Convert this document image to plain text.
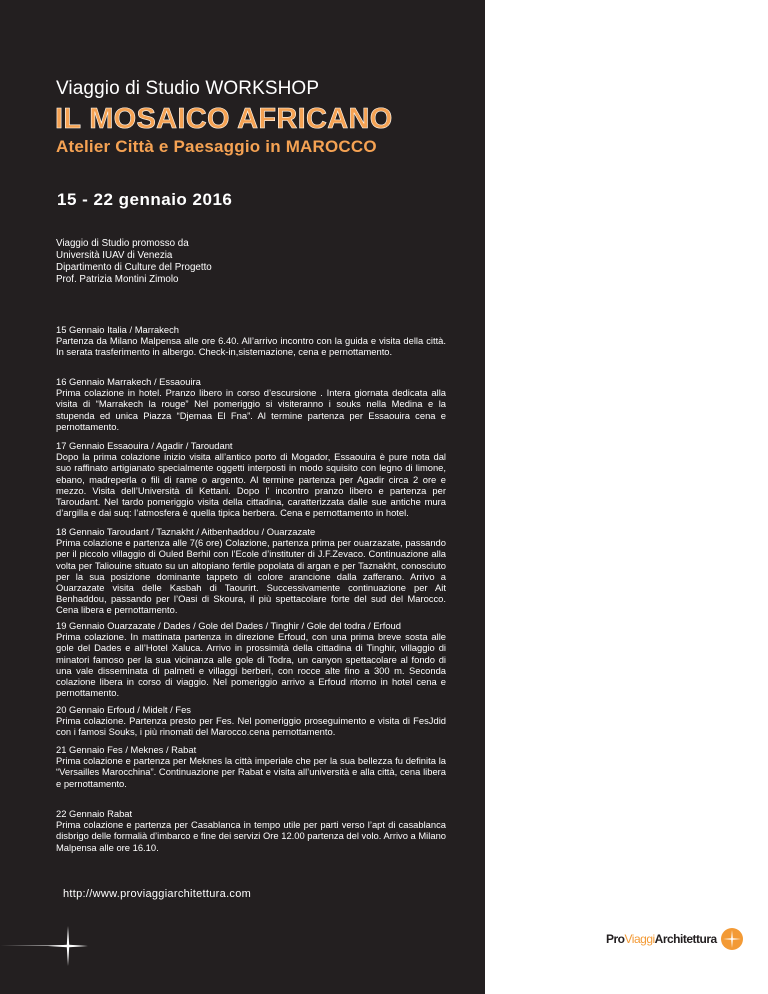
Viaggio di Studio WORKSHOP
IL MOSAICO AFRICANO
Atelier Città e Paesaggio in MAROCCO
15 - 22 gennaio 2016
Viaggio di Studio promosso da
Università IUAV di Venezia
Dipartimento di Culture del Progetto
Prof. Patrizia Montini Zimolo
15 Gennaio Italia / Marrakech
Partenza da Milano Malpensa alle ore 6.40. All’arrivo incontro con la guida e visita della città. In serata trasferimento in albergo. Check-in,sistemazione, cena e pernottamento.
16 Gennaio Marrakech / Essaouira
Prima colazione in hotel. Pranzo libero in corso d’escursione . Intera giornata dedicata alla visita di “Marrakech la rouge” Nel pomeriggio si visiteranno i souks nella Medina e la stupenda ed unica Piazza “Djemaa El Fna”. Al termine partenza per Essaouira cena e pernottamento.
17 Gennaio Essaouira / Agadir / Taroudant
Dopo la prima colazione inizio visita all’antico porto di Mogador, Essaouira è pure nota dal suo raffinato artigianato specialmente oggetti interposti in modo squisito con legno di limone, ebano, madreperla o fili di rame o argento. Al termine partenza per Agadir circa 2 ore e mezzo. Visita dell’Università di Kettani. Dopo l’ incontro pranzo libero e partenza per Taroudant. Nel tardo pomeriggio visita della cittadina, caratterizzata dalle sue antiche mura d’argilla e dai suq: l’atmosfera è quella tipica berbera. Cena e pernottamento in hotel.
18 Gennaio Taroudant / Taznakht / Aitbenhaddou / Ouarzazate
Prima colazione e partenza alle 7(6 ore) Colazione, partenza prima per ouarzazate, passando per il piccolo villaggio di Ouled Berhil con l’Ecole d’instituter di J.F.Zevaco. Continuazione alla volta per Taliouine situato su un altopiano fertile popolata di argan e per Taznakht, conosciuto per la sua posizione dominante tappeto di colore arancione dalla zafferano. Arrivo a Ouarzazate visita delle Kasbah di Taourirt. Successivamente continuazione per Ait Benhaddou, passando per l’Oasi di Skoura, il più spettacolare forte del sud del Marocco. Cena libera e pernottamento.
19 Gennaio Ouarzazate / Dades / Gole del Dades / Tinghir / Gole del todra / Erfoud
Prima colazione. In mattinata partenza in direzione Erfoud, con una prima breve sosta alle gole del Dades e all’Hotel Xaluca. Arrivo in prossimità della cittadina di Tinghir, villaggio di minatori famoso per la sua vicinanza alle gole di Todra, un canyon spettacolare al fondo di una vale disseminata di palmeti e villaggi berberi, con rocce alte fino a 300 m. Seconda colazione libera in corso di viaggio. Nel pomeriggio arrivo a Erfoud ritorno in hotel cena e pernottamento.
20 Gennaio Erfoud / Midelt / Fes
Prima colazione. Partenza presto per Fes. Nel pomeriggio proseguimento e visita di FesJdid con i famosi Souks, i più rinomati del Marocco.cena pernottamento.
21 Gennaio Fes / Meknes / Rabat
Prima colazione e partenza per Meknes la città imperiale che per la sua bellezza fu definita la “Versailles Marocchina”. Continuazione per Rabat e visita all’università e alla città, cena libera e pernottamento.
22 Gennaio Rabat
Prima colazione e partenza per Casablanca in tempo utile per parti verso l’apt di casablanca disbrigo delle formalià d’imbarco e fine dei servizi Ore 12.00 partenza del volo. Arrivo a Milano Malpensa alle ore 16.10.
http://www.proviaggiarchitettura.com
ProViaggiArchitettura
